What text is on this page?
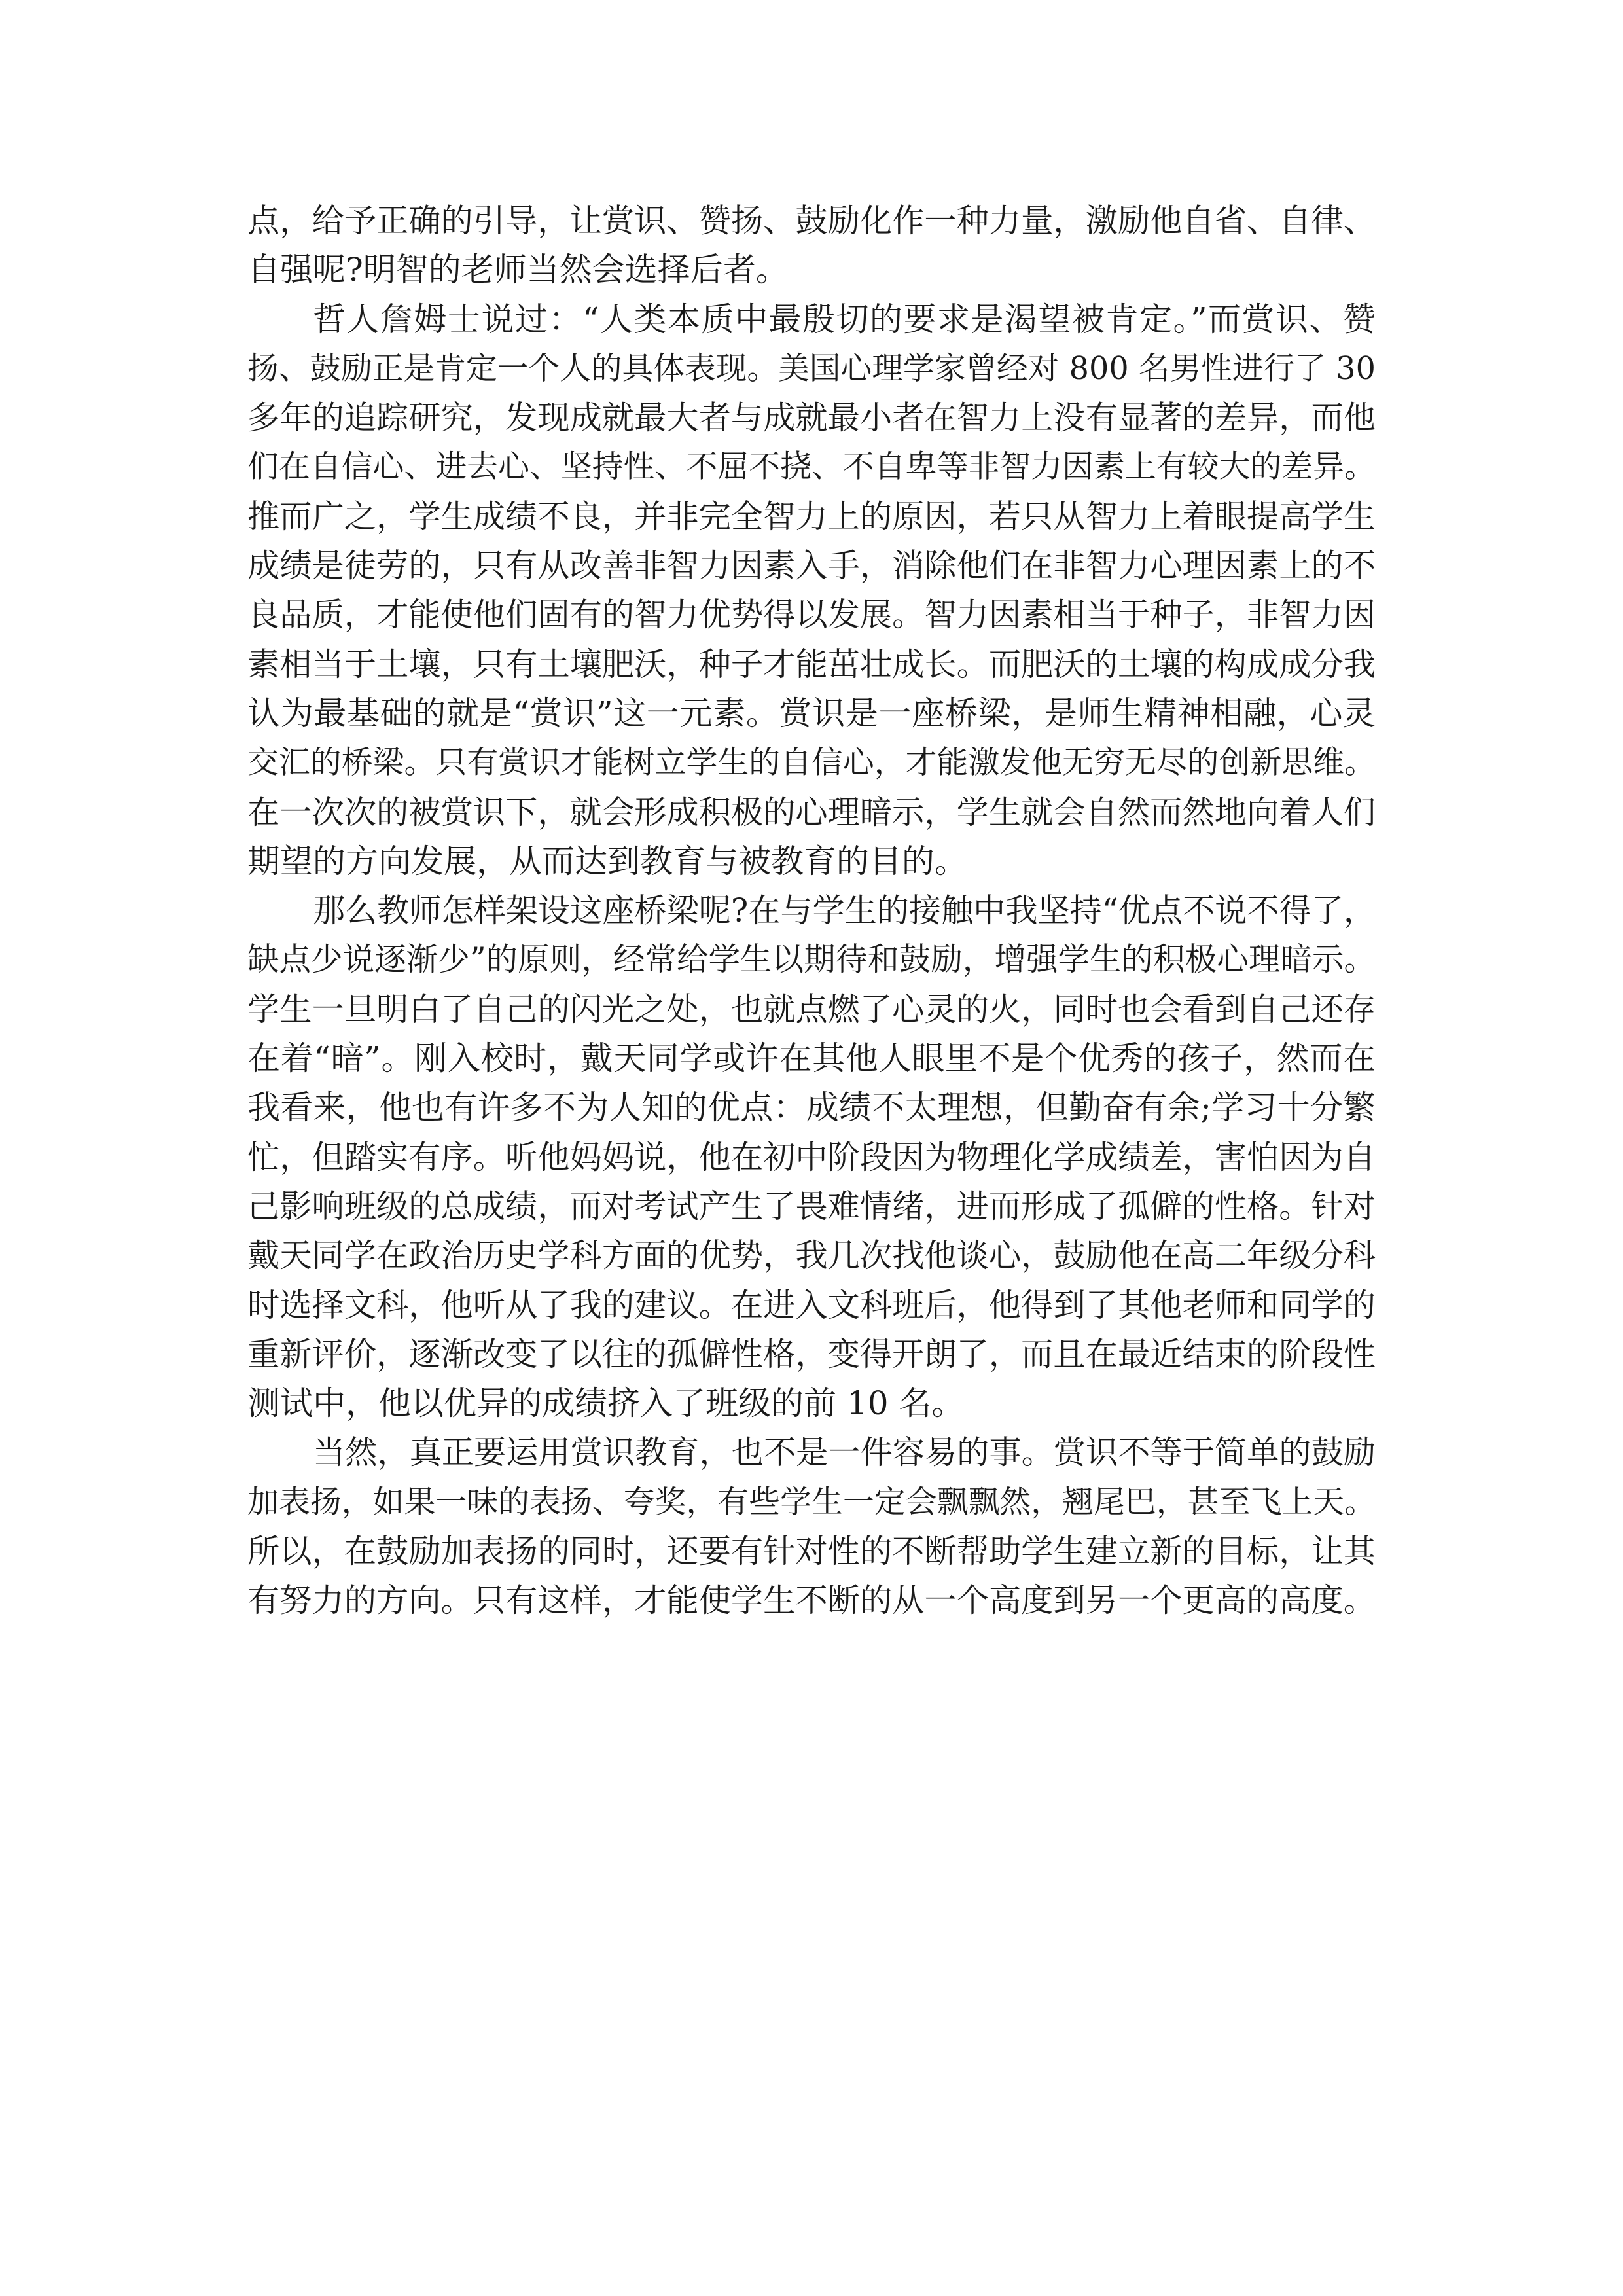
点，给予正确的引导，让赏识、赞扬、鼓励化作一种力量，激励他自省、自律、
自强呢?明智的老师当然会选择后者。

哲人詹姆士说过：“人类本质中最殷切的要求是渴望被肯定。”而赏识、赞
扬、鼓励正是肯定一个人的具体表现。美国心理学家曾经对 800 名男性进行了 30
多年的追踪研究，发现成就最大者与成就最小者在智力上没有显著的差异，而他
们在自信心、进去心、坚持性、不屈不挠、不自卑等非智力因素上有较大的差异。
推而广之，学生成绩不良，并非完全智力上的原因，若只从智力上着眼提高学生
成绩是徒劳的，只有从改善非智力因素入手，消除他们在非智力心理因素上的不
良品质，才能使他们固有的智力优势得以发展。智力因素相当于种子，非智力因
素相当于土壤，只有土壤肥沃，种子才能茁壮成长。而肥沃的土壤的构成成分我
认为最基础的就是“赏识”这一元素。赏识是一座桥梁，是师生精神相融，心灵
交汇的桥梁。只有赏识才能树立学生的自信心，才能激发他无穷无尽的创新思维。
在一次次的被赏识下，就会形成积极的心理暗示，学生就会自然而然地向着人们
期望的方向发展，从而达到教育与被教育的目的。

那么教师怎样架设这座桥梁呢?在与学生的接触中我坚持“优点不说不得了，
缺点少说逐渐少”的原则，经常给学生以期待和鼓励，增强学生的积极心理暗示。
学生一旦明白了自己的闪光之处，也就点燃了心灵的火，同时也会看到自己还存
在着“暗”。刚入校时，戴天同学或许在其他人眼里不是个优秀的孩子，然而在
我看来，他也有许多不为人知的优点：成绩不太理想，但勤奋有余;学习十分繁
忙，但踏实有序。听他妈妈说，他在初中阶段因为物理化学成绩差，害怕因为自
己影响班级的总成绩，而对考试产生了畏难情绪，进而形成了孤僻的性格。针对
戴天同学在政治历史学科方面的优势，我几次找他谈心，鼓励他在高二年级分科
时选择文科，他听从了我的建议。在进入文科班后，他得到了其他老师和同学的
重新评价，逐渐改变了以往的孤僻性格，变得开朗了，而且在最近结束的阶段性
测试中，他以优异的成绩挤入了班级的前 10 名。

当然，真正要运用赏识教育，也不是一件容易的事。赏识不等于简单的鼓励
加表扬，如果一味的表扬、夸奖，有些学生一定会飘飘然，翘尾巴，甚至飞上天。
所以，在鼓励加表扬的同时，还要有针对性的不断帮助学生建立新的目标，让其
有努力的方向。只有这样，才能使学生不断的从一个高度到另一个更高的高度。
